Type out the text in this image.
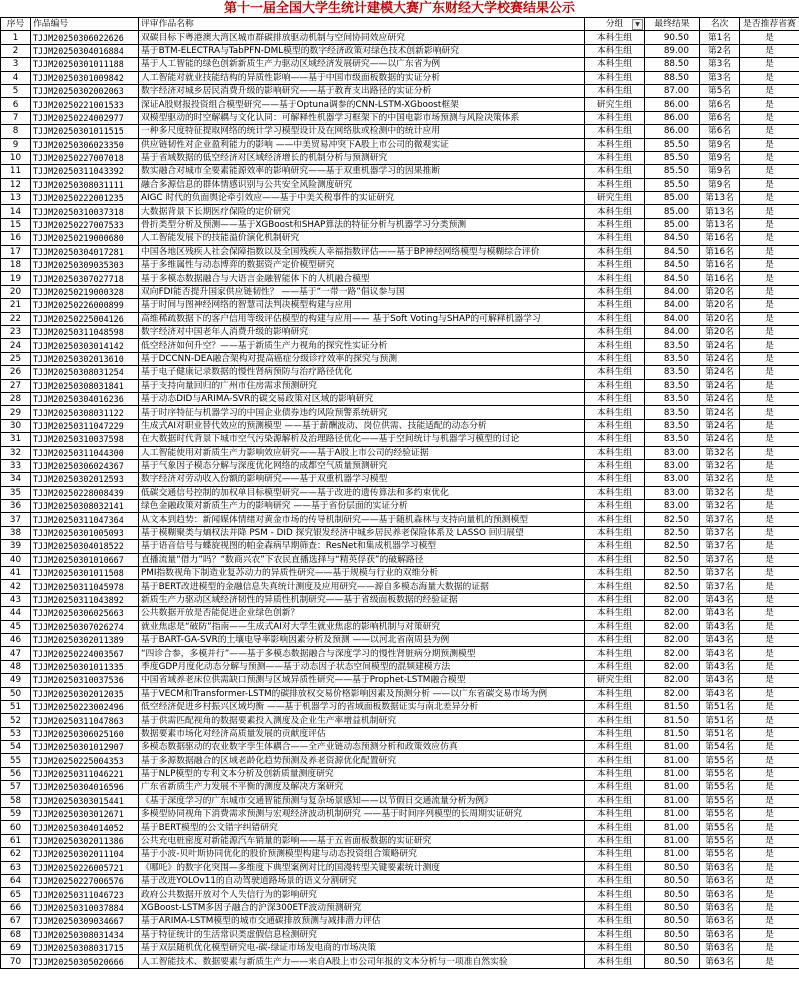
第十一届全国大学生统计建模大赛广东财经大学校赛结果公示
序号	作品编号	评审作品名称	分组 ▼	最终结果	名次	是否推荐省赛
1	TJJM20250306022626	双碳目标下粤港澳大湾区城市群碳排放驱动机制与空间协同效应研究	本科生组	90.50	第1名	是
2	TJJM20250304016884	基于BTM-ELECTRA与TabPFN-DML模型的数字经济政策对绿色技术创新影响研究	本科生组	89.00	第2名	是
3	TJJM20250301011188	基于人工智能的绿色创新新质生产力驱动区域经济发展研究——以广东省为例	本科生组	88.50	第3名	是
4	TJJM20250301009842	人工智能对就业技能结构的异质性影响——基于中国市级面板数据的实证分析	本科生组	88.50	第3名	是
5	TJJM20250302002063	数字经济对城乡居民消费升级的影响研究——基于教育支出路径的实证分析	本科生组	87.00	第5名	是
6	TJJM20250221001533	深证A股财报投资组合模型研究——基于Optuna调参的CNN-LSTM-XGboost框架	研究生组	86.00	第6名	是
7	TJJM20250224002977	双模型驱动的时空解耦与文化认同：可解释性机器学习框架下的中国电影市场预测与风险决策体系	本科生组	86.00	第6名	是
8	TJJM20250301011515	一种多尺度特征提取网络的统计学习模型设计及在网络肽或检测中的统计应用	本科生组	86.00	第6名	是
9	TJJM20250306023350	供应链韧性对企业盈利能力的影响 ——中美贸易冲突下A股上市公司的微观实证	本科生组	85.50	第9名	是
10	TJJM20250227007018	基于省域数据的低空经济对区域经济增长的机制分析与预测研究	本科生组	85.50	第9名	是
11	TJJM20250311043392	数实融合对城市全要素能源效率的影响研究——基于双重机器学习的因果推断	本科生组	85.50	第9名	是
12	TJJM20250308031111	融合多源信息的群体情感识别与公共安全风险测度研究	本科生组	85.50	第9名	是
13	TJJM20250222001235	AIGC 时代的负面舆论牵引效应——基于中美关税事件的实证研究	研究生组	85.00	第13名	是
14	TJJM20250310037318	大数据背景下长期医疗保险的定价研究	本科生组	85.00	第13名	是
15	TJJM20250227007533	骨折类型分析及预测——基于XGBoost和SHAP算法的特征分析与机器学习分类预测	本科生组	85.00	第13名	是
16	TJJM20250219000680	人工智能发展下的技能溢价演化机制研究	本科生组	84.50	第16名	是
17	TJJM20250304017281	中国各地区残疾人社会保障指数以及全国残疾人幸福指数评估——基于BP神经网络模型与模糊综合评价	本科生组	84.50	第16名	是
18	TJJM20250309035303	基于多维属性与动态博弈的数据资产定价模型研究	本科生组	84.50	第16名	是
19	TJJM20250307027718	基于多模态数据融合与大语言金融智能体下的人机融合模型	本科生组	84.50	第16名	是
20	TJJM20250219000328	双向FDI能否提升国家供应链韧性？ ——基于“一带一路”倡议参与国	本科生组	84.00	第20名	是
21	TJJM20250226000899	基于时间与图神经网络的智慧司法判决模型构建与应用	本科生组	84.00	第20名	是
22	TJJM20250225004126	高维稀疏数据下的客户信用等级评估模型的构建与应用—— 基于Soft Voting与SHAP的可解释机器学习	本科生组	84.00	第20名	是
23	TJJM20250311048598	数字经济对中国老年人消费升级的影响研究	本科生组	84.00	第20名	是
24	TJJM20250303014142	低空经济如何升空？——基于新质生产力视角的探究性实证分析	本科生组	83.50	第24名	是
25	TJJM20250302013610	基于DCCNN-DEA融合架构对提高癌症分级诊疗效率的探究与预测	本科生组	83.50	第24名	是
26	TJJM20250308031254	基于电子健康记录数据的慢性肾病预防与治疗路径优化	本科生组	83.50	第24名	是
27	TJJM20250308031841	基于支持向量回归的广州市住房需求预测研究	本科生组	83.50	第24名	是
28	TJJM20250304016236	基于动态DID与ARIMA-SVR的碳交易政策对区域的影响研究	本科生组	83.50	第24名	是
29	TJJM20250308031122	基于时序特征与机器学习的中国企业债券违约风险预警系统研究	本科生组	83.50	第24名	是
30	TJJM20250311047229	生成式AI对职业替代效应的预测模型 ——基于薪酬波动、岗位供需、技能适配的动态分析	本科生组	83.50	第24名	是
31	TJJM20250310037598	在大数据时代背景下城市空气污染源解析及治理路径优化——基于空间统计与机器学习模型的讨论	本科生组	83.50	第24名	是
32	TJJM20250311044300	人工智能使用对新质生产力影响效应研究——基于A股上市公司的经验证据	本科生组	83.00	第32名	是
33	TJJM20250306024367	基于气象因子模态分解与深度优化网络的成都空气质量预测研究	本科生组	83.00	第32名	是
34	TJJM20250302012593	数字经济对劳动收入份额的影响研究——基于双重机器学习模型	本科生组	83.00	第32名	是
35	TJJM20250228008439	低碳交通信号控制的加权单目标模型研究——基于改进的遗传算法和多约束优化	本科生组	83.00	第32名	是
36	TJJM20250308032141	绿色金融政策对新质生产力的影响研究 ——基于省份层面的实证分析	本科生组	83.00	第32名	是
37	TJJM20250311047364	从文本到趋势：新闻媒体情绪对黄金市场的传导机制研究——基于随机森林与支持向量机的预测模型	本科生组	82.50	第37名	是
38	TJJM20250301005093	基于模糊聚类与熵权法并降 PSM - DID 探究银发经济中城乡居民养老保险体系及 LASSO 回归展望	本科生组	82.50	第37名	是
39	TJJM20250304018522	基于语音信号与蝶旋视图的帕金森病早期筛查：ResNet和集成机器学习模型	本科生组	82.50	第37名	是
40	TJJM20250301010667	直播流量“借力”吗？“数商兴农”下农民直播选择与“精英俘获”的破解路径	本科生组	82.50	第37名	是
41	TJJM20250301011508	PMI指数视角下制造业复苏动力的异质性研究——基于规模与行业的双维分析	本科生组	82.50	第37名	是
42	TJJM20250311045978	基于BERT改进模型的金融信息失真统计测度及应用研究——源自多模态海量大数据的证据	本科生组	82.50	第37名	是
43	TJJM20250311043892	新质生产力驱动区域经济韧性的异质性机制研究——基于省级面板数据的经验证据	本科生组	82.00	第43名	是
44	TJJM20250306025663	公共数据开放是否能促进企业绿色创新？	本科生组	82.00	第43名	是
45	TJJM20250307026274	就业焦虑是“破防”指南——生成式AI对大学生就业焦虑的影响机制与对策研究	本科生组	82.00	第43名	是
46	TJJM20250302011389	基于BART-GA-SVR的土壤电导率影响因素分析及预测 ——以河北省南周县为例	本科生组	82.00	第43名	是
47	TJJM20250224003567	“四诊合参，多模并行”——基于多模态数据融合与深度学习的慢性肾脏病分期预测模型	本科生组	82.00	第43名	是
48	TJJM20250301011335	季度GDP月度化动态分解与预测——基于动态因子状态空间模型的混频建模方法	本科生组	82.00	第43名	是
49	TJJM20250310037536	中国省域养老床位供需缺口预测与区域异质性研究——基于Prophet-LSTM融合模型	研究生组	82.00	第43名	是
50	TJJM20250302012035	基于VECM和Transformer-LSTM的碳排放权交易价格影响因素及预测分析 ——以广东省碳交易市场为例	本科生组	82.00	第43名	是
51	TJJM20250223002496	低空经济促进乡村振兴区域均衡 ——基于机器学习的省域面板数据证实与南北差异分析	本科生组	81.50	第51名	是
52	TJJM20250311047863	基于供需匹配视角的数据要素投入测度及企业生产率增益机制研究	本科生组	81.50	第51名	是
53	TJJM20250306025160	数据要素市场化对经济高质量发展的贡献度评估	本科生组	81.50	第51名	是
54	TJJM20250301012907	多模态数据驱动的农业数字孪生体耦合——全产业链动态预测分析和政策效应仿真	本科生组	81.00	第54名	是
55	TJJM20250225004353	基于多源数据融合的区域老龄化趋势预测及养老资源优化配置研究	本科生组	81.00	第55名	是
56	TJJM20250311046221	基于NLP模型的专利文本分析及创新质量测度研究	本科生组	81.00	第55名	是
57	TJJM20250304016596	广东省新质生产力发展不平衡的测度及解决方案研究	本科生组	81.00	第55名	是
58	TJJM20250303015441	《基于深度学习的广东城市交通智能预测与复杂场景感知——以节假日交通流量分析为例》	本科生组	81.00	第55名	是
59	TJJM20250303012671	多模型协同视角下消费需求预测与宏观经济波动机制研究 ——基于时间序列模型的长周期实证研究	本科生组	81.00	第55名	是
60	TJJM20250304014052	基于BERT模型的公文错字纠错研究	本科生组	81.00	第55名	是
61	TJJM20250302011386	公共充电桩密度对新能源汽车销量的影响——基于五省面板数据的实证研究	本科生组	81.00	第55名	是
62	TJJM20250302011104	基于小波-贝叶斯协同优化的股价预测模型构建与动态投资组合策略研究	本科生组	81.00	第55名	是
63	TJJM20250226005721	《哪吒》的数字化突围—多维度下典型案例对比的国漫转型关键要素统计测度	本科生组	80.50	第63名	是
64	TJJM20250227006576	基于改进YOLOv11的自动驾驶道路场景的语义分割研究	本科生组	80.50	第63名	是
65	TJJM20250311046723	政府公共数据开放对个人失信行为的影响研究	本科生组	80.50	第63名	是
66	TJJM20250310037884	XGBoost-LSTM多因子融合的沪深300ETF波动预测研究	本科生组	80.50	第63名	是
67	TJJM20250309034667	基于ARIMA-LSTM模型的城市交通碳排放预测与减排潜力评估	本科生组	80.50	第63名	是
68	TJJM20250308031434	基于特征统计的生活常识类虚假信息检测研究	本科生组	80.50	第63名	是
69	TJJM20250308031715	基于双层随机优化模型研究电-碳-绿证市场发电商的市场决策	本科生组	80.50	第63名	是
70	TJJM20250305020666	人工智能技术、数据要素与新质生产力——来自A股上市公司年报的文本分析与一项准自然实验	本科生组	80.50	第63名	是
